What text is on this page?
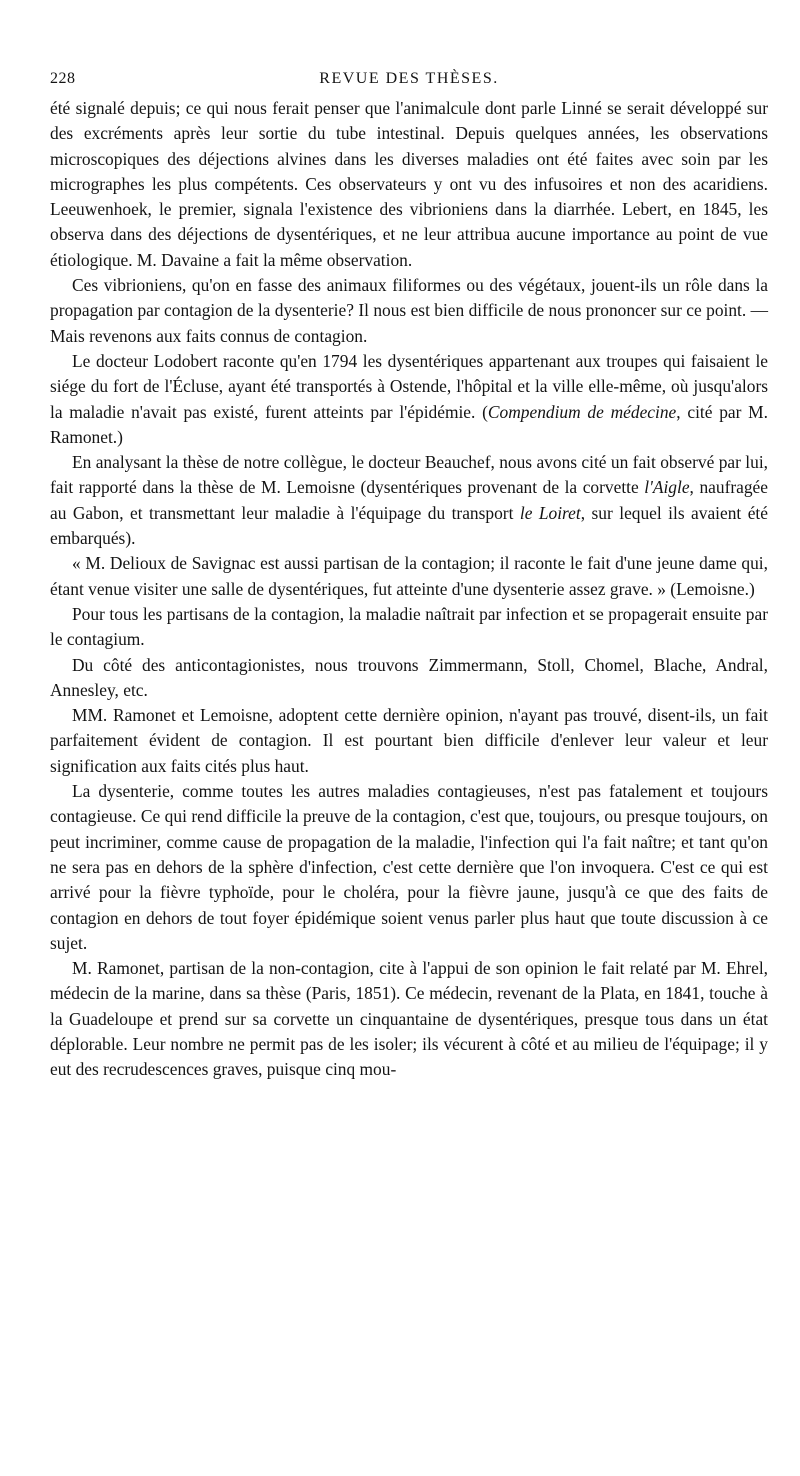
228	REVUE DES THÈSES.

été signalé depuis; ce qui nous ferait penser que l'animalcule dont parle Linné se serait développé sur des excréments après leur sortie du tube intestinal. Depuis quelques années, les observations microscopiques des déjections alvines dans les diverses maladies ont été faites avec soin par les micrographes les plus compétents. Ces observateurs y ont vu des infusoires et non des acaridiens. Leeuwenhoek, le premier, signala l'existence des vibrioniens dans la diarrhée. Lebert, en 1845, les observa dans des déjections de dysentériques, et ne leur attribua aucune importance au point de vue étiologique. M. Davaine a fait la même observation.

Ces vibrioniens, qu'on en fasse des animaux filiformes ou des végétaux, jouent-ils un rôle dans la propagation par contagion de la dysenterie? Il nous est bien difficile de nous prononcer sur ce point. — Mais revenons aux faits connus de contagion.

Le docteur Lodobert raconte qu'en 1794 les dysentériques appartenant aux troupes qui faisaient le siége du fort de l'Écluse, ayant été transportés à Ostende, l'hôpital et la ville elle-même, où jusqu'alors la maladie n'avait pas existé, furent atteints par l'épidémie. (Compendium de médecine, cité par M. Ramonet.)

En analysant la thèse de notre collègue, le docteur Beauchef, nous avons cité un fait observé par lui, fait rapporté dans la thèse de M. Lemoisne (dysentériques provenant de la corvette l'Aigle, naufragée au Gabon, et transmettant leur maladie à l'équipage du transport le Loiret, sur lequel ils avaient été embarqués).

« M. Delioux de Savignac est aussi partisan de la contagion; il raconte le fait d'une jeune dame qui, étant venue visiter une salle de dysentériques, fut atteinte d'une dysenterie assez grave. » (Lemoisne.)

Pour tous les partisans de la contagion, la maladie naîtrait par infection et se propagerait ensuite par le contagium.

Du côté des anticontagionistes, nous trouvons Zimmermann, Stoll, Chomel, Blache, Andral, Annesley, etc.

MM. Ramonet et Lemoisne, adoptent cette dernière opinion, n'ayant pas trouvé, disent-ils, un fait parfaitement évident de contagion. Il est pourtant bien difficile d'enlever leur valeur et leur signification aux faits cités plus haut.

La dysenterie, comme toutes les autres maladies contagieuses, n'est pas fatalement et toujours contagieuse. Ce qui rend difficile la preuve de la contagion, c'est que, toujours, ou presque toujours, on peut incriminer, comme cause de propagation de la maladie, l'infection qui l'a fait naître; et tant qu'on ne sera pas en dehors de la sphère d'infection, c'est cette dernière que l'on invoquera. C'est ce qui est arrivé pour la fièvre typhoïde, pour le choléra, pour la fièvre jaune, jusqu'à ce que des faits de contagion en dehors de tout foyer épidémique soient venus parler plus haut que toute discussion à ce sujet.

M. Ramonet, partisan de la non-contagion, cite à l'appui de son opinion le fait relaté par M. Ehrel, médecin de la marine, dans sa thèse (Paris, 1851). Ce médecin, revenant de la Plata, en 1841, touche à la Guadeloupe et prend sur sa corvette un cinquantaine de dysentériques, presque tous dans un état déplorable. Leur nombre ne permit pas de les isoler; ils vécurent à côté et au milieu de l'équipage; il y eut des recrudescences graves, puisque cinq mou-
